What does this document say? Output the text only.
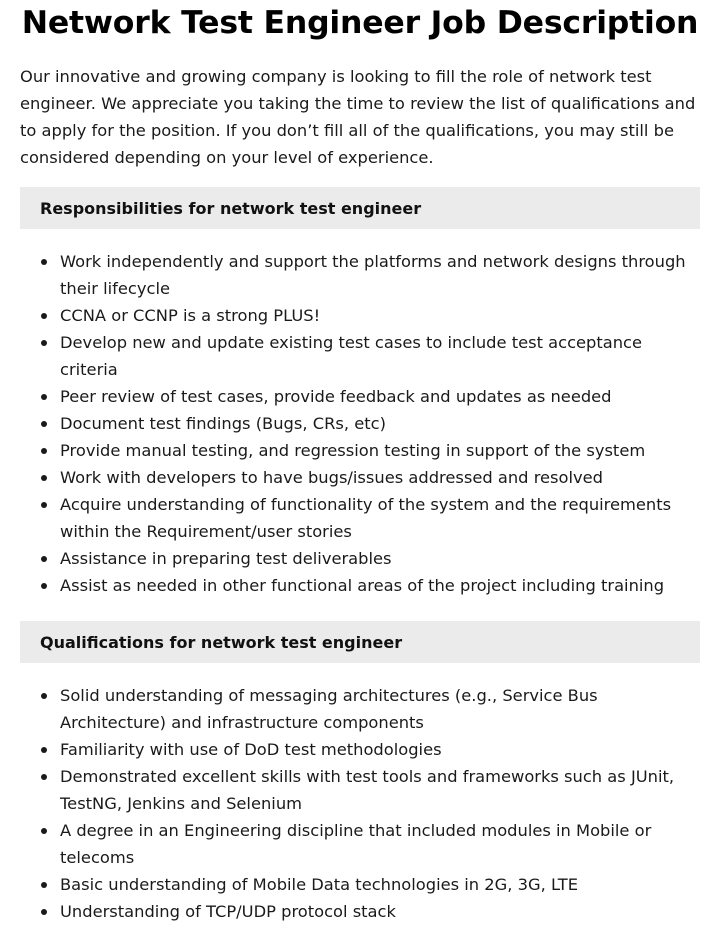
Network Test Engineer Job Description

Our innovative and growing company is looking to fill the role of network test engineer. We appreciate you taking the time to review the list of qualifications and to apply for the position. If you don’t fill all of the qualifications, you may still be considered depending on your level of experience.

Responsibilities for network test engineer
Work independently and support the platforms and network designs through their lifecycle
CCNA or CCNP is a strong PLUS!
Develop new and update existing test cases to include test acceptance criteria
Peer review of test cases, provide feedback and updates as needed
Document test findings (Bugs, CRs, etc)
Provide manual testing, and regression testing in support of the system
Work with developers to have bugs/issues addressed and resolved
Acquire understanding of functionality of the system and the requirements within the Requirement/user stories
Assistance in preparing test deliverables
Assist as needed in other functional areas of the project including training
Qualifications for network test engineer
Solid understanding of messaging architectures (e.g., Service Bus Architecture) and infrastructure components
Familiarity with use of DoD test methodologies
Demonstrated excellent skills with test tools and frameworks such as JUnit, TestNG, Jenkins and Selenium
A degree in an Engineering discipline that included modules in Mobile or telecoms
Basic understanding of Mobile Data technologies in 2G, 3G, LTE
Understanding of TCP/UDP protocol stack
